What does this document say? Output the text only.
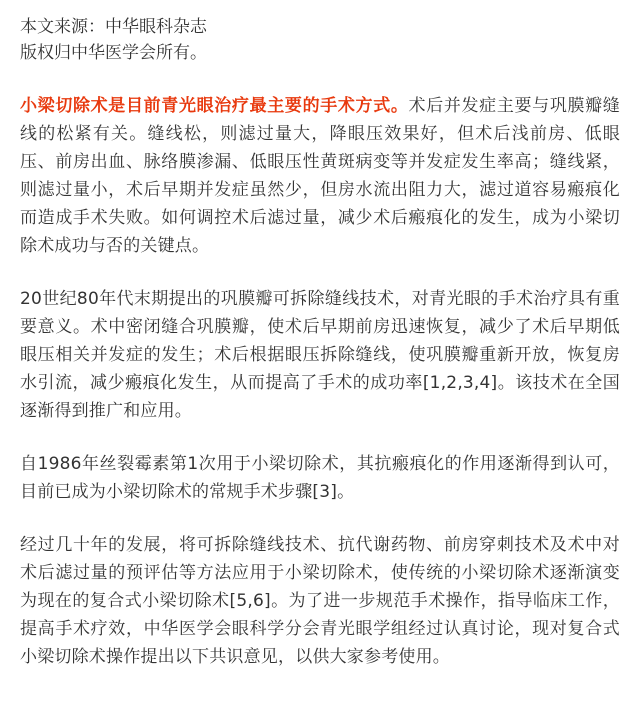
本文来源：中华眼科杂志

版权归中华医学会所有。

小梁切除术是目前青光眼治疗最主要的手术方式。术后并发症主要与巩膜瓣缝线的松紧有关。缝线松，则滤过量大，降眼压效果好，但术后浅前房、低眼压、前房出血、脉络膜渗漏、低眼压性黄斑病变等并发症发生率高；缝线紧，则滤过量小，术后早期并发症虽然少，但房水流出阻力大，滤过道容易瘢痕化而造成手术失败。如何调控术后滤过量，减少术后瘢痕化的发生，成为小梁切除术成功与否的关键点。

20世纪80年代末期提出的巩膜瓣可拆除缝线技术，对青光眼的手术治疗具有重要意义。术中密闭缝合巩膜瓣，使术后早期前房迅速恢复，减少了术后早期低眼压相关并发症的发生；术后根据眼压拆除缝线，使巩膜瓣重新开放，恢复房水引流，减少瘢痕化发生，从而提高了手术的成功率[1,2,3,4]。该技术在全国逐渐得到推广和应用。

自1986年丝裂霉素第1次用于小梁切除术，其抗瘢痕化的作用逐渐得到认可，目前已成为小梁切除术的常规手术步骤[3]。

经过几十年的发展，将可拆除缝线技术、抗代谢药物、前房穿刺技术及术中对术后滤过量的预评估等方法应用于小梁切除术，使传统的小梁切除术逐渐演变为现在的复合式小梁切除术[5,6]。为了进一步规范手术操作，指导临床工作，提高手术疗效，中华医学会眼科学分会青光眼学组经过认真讨论，现对复合式小梁切除术操作提出以下共识意见，以供大家参考使用。
